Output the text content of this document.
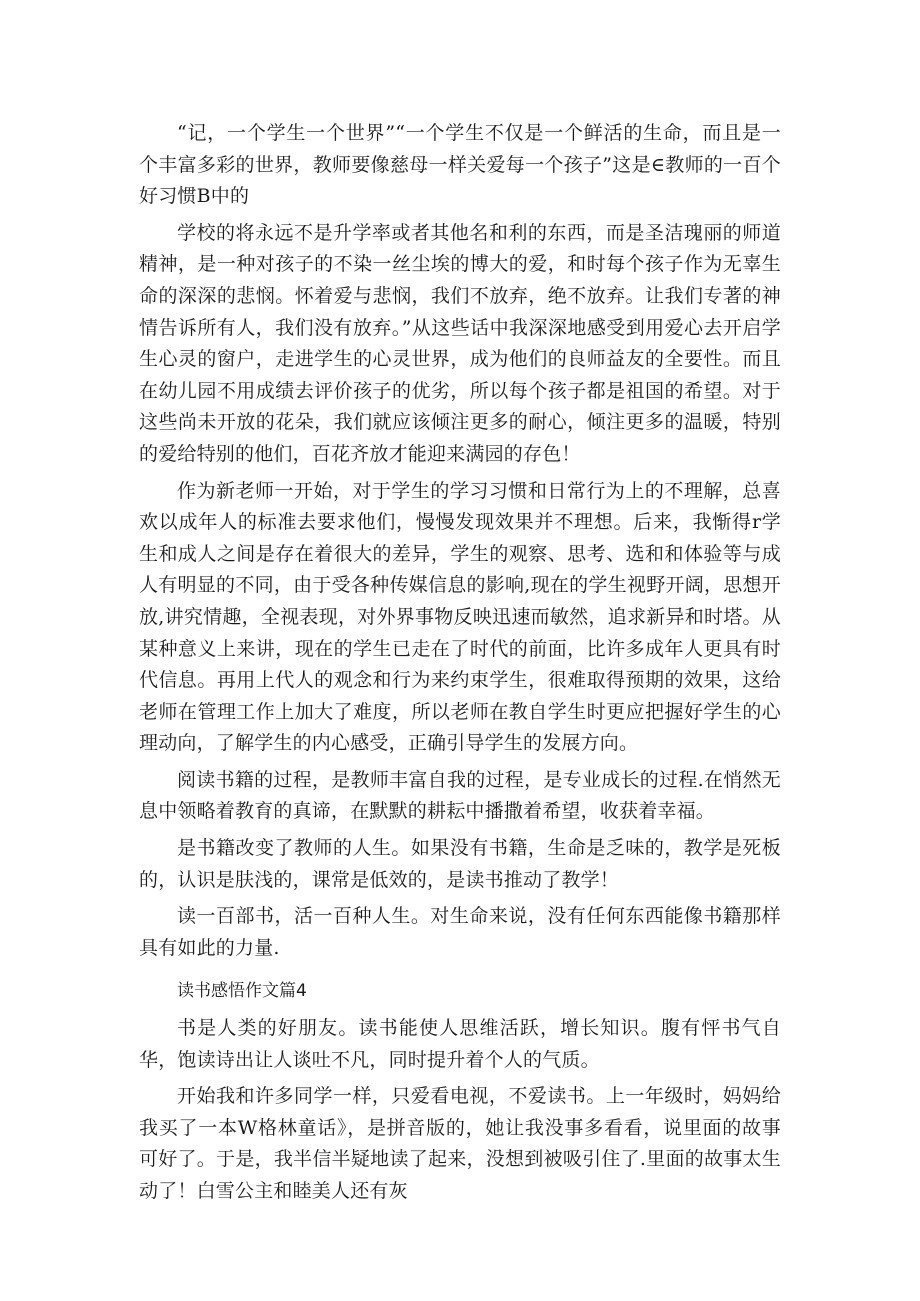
“记，一个学生一个世界”“一个学生不仅是一个鲜活的生命，而且是一个丰富多彩的世界，教师要像慈母一样关爱每一个孩子”这是∈教师的一百个好习惯B中的

学校的将永远不是升学率或者其他名和利的东西，而是圣洁瑰丽的师道精神，是一种对孩子的不染一丝尘埃的博大的爱，和时每个孩子作为无辜生命的深深的悲悯。怀着爱与悲悯，我们不放弃，绝不放弃。让我们专著的神情告诉所有人，我们没有放弃。”从这些话中我深深地感受到用爱心去开启学生心灵的窗户，走进学生的心灵世界，成为他们的良师益友的全要性。而且在幼儿园不用成绩去评价孩子的优劣，所以每个孩子都是祖国的希望。对于这些尚未开放的花朵，我们就应该倾注更多的耐心，倾注更多的温暖，特别的爱给特别的他们，百花齐放才能迎来满园的存色！

作为新老师一开始，对于学生的学习习惯和日常行为上的不理解，总喜欢以成年人的标准去要求他们，慢慢发现效果并不理想。后来，我惭得r学生和成人之间是存在着很大的差异，学生的观察、思考、选和和体验等与成人有明显的不同，由于受各种传媒信息的影响,现在的学生视野开阔，思想开放,讲究情趣，全视表现，对外界事物反映迅速而敏然，追求新异和时塔。从某种意义上来讲，现在的学生已走在了时代的前面，比许多成年人更具有时代信息。再用上代人的观念和行为来约束学生，很难取得预期的效果，这给老师在管理工作上加大了难度，所以老师在教自学生时更应把握好学生的心理动向，了解学生的内心感受，正确引导学生的发展方向。

阅读书籍的过程，是教师丰富自我的过程，是专业成长的过程.在悄然无息中领略着教育的真谛，在默默的耕耘中播撒着希望，收获着幸福。

是书籍改变了教师的人生。如果没有书籍，生命是乏味的，教学是死板的，认识是肤浅的，课常是低效的，是读书推动了教学！

读一百部书，活一百种人生。对生命来说，没有任何东西能像书籍那样具有如此的力量.

读书感悟作文篇4

书是人类的好朋友。读书能使人思维活跃，增长知识。腹有怦书气自华，饱读诗出让人谈吐不凡，同时提升着个人的气质。

开始我和许多同学一样，只爱看电视，不爱读书。上一年级时，妈妈给我买了一本W格林童话》，是拼音版的，她让我没事多看看，说里面的故事可好了。于是，我半信半疑地读了起来，没想到被吸引住了.里面的故事太生动了！白雪公主和睦美人还有灰
